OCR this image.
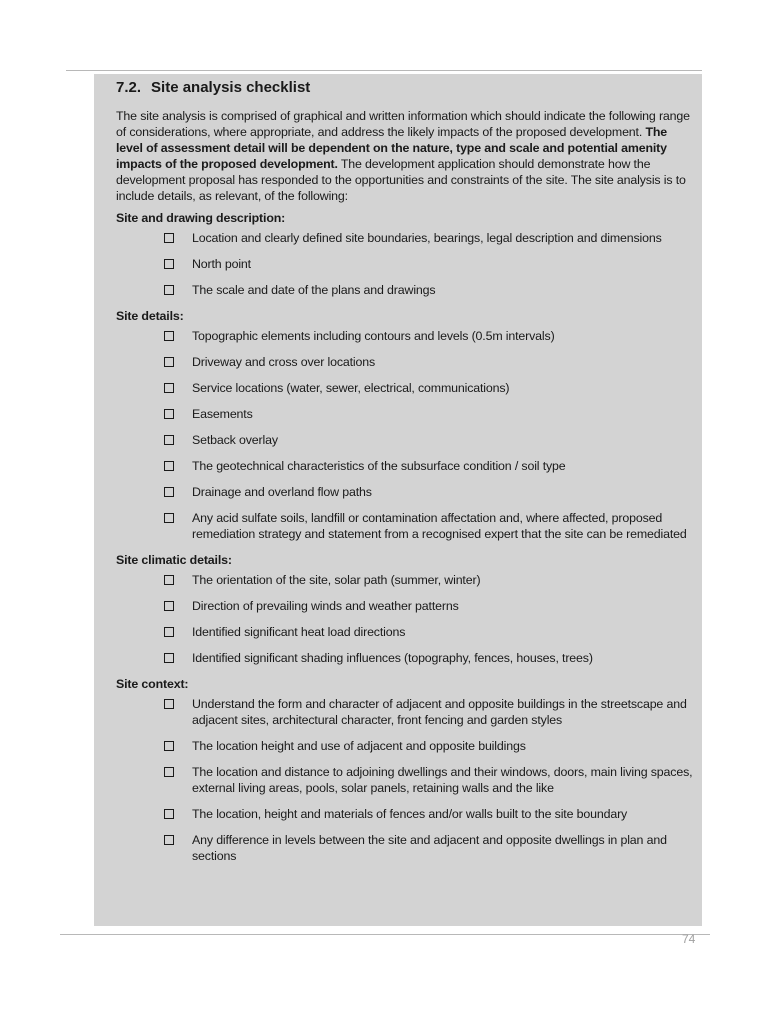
7.2. Site analysis checklist

The site analysis is comprised of graphical and written information which should indicate the following range of considerations, where appropriate, and address the likely impacts of the proposed development. The level of assessment detail will be dependent on the nature, type and scale and potential amenity impacts of the proposed development. The development application should demonstrate how the development proposal has responded to the opportunities and constraints of the site. The site analysis is to include details, as relevant, of the following:

Site and drawing description:
Location and clearly defined site boundaries, bearings, legal description and dimensions
North point
The scale and date of the plans and drawings
Site details:
Topographic elements including contours and levels (0.5m intervals)
Driveway and cross over locations
Service locations (water, sewer, electrical, communications)
Easements
Setback overlay
The geotechnical characteristics of the subsurface condition / soil type
Drainage and overland flow paths
Any acid sulfate soils, landfill or contamination affectation and, where affected, proposed remediation strategy and statement from a recognised expert that the site can be remediated
Site climatic details:
The orientation of the site, solar path (summer, winter)
Direction of prevailing winds and weather patterns
Identified significant heat load directions
Identified significant shading influences (topography, fences, houses, trees)
Site context:
Understand the form and character of adjacent and opposite buildings in the streetscape and adjacent sites, architectural character, front fencing and garden styles
The location height and use of adjacent and opposite buildings
The location and distance to adjoining dwellings and their windows, doors, main living spaces, external living areas, pools, solar panels, retaining walls and the like
The location, height and materials of fences and/or walls built to the site boundary
Any difference in levels between the site and adjacent and opposite dwellings in plan and sections
74
